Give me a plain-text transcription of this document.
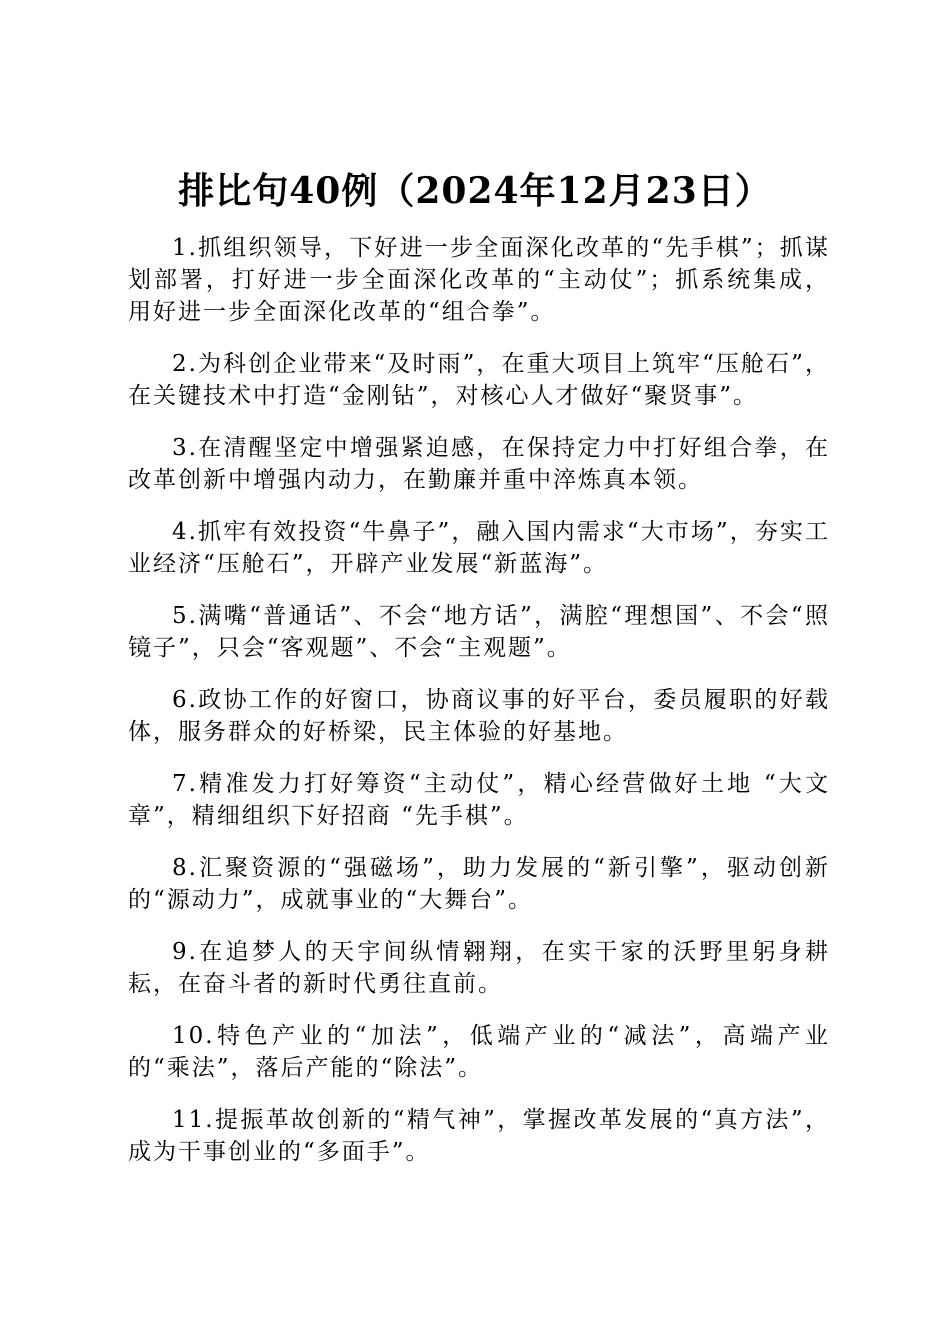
排比句40例（2024年12月23日）

1.抓组织领导，下好进一步全面深化改革的“先手棋”；抓谋划部署，打好进一步全面深化改革的“主动仗”；抓系统集成，用好进一步全面深化改革的“组合拳”。

2.为科创企业带来“及时雨”，在重大项目上筑牢“压舱石”，在关键技术中打造“金刚钻”，对核心人才做好“聚贤事”。

3.在清醒坚定中增强紧迫感，在保持定力中打好组合拳，在改革创新中增强内动力，在勤廉并重中淬炼真本领。

4.抓牢有效投资“牛鼻子”，融入国内需求“大市场”，夯实工业经济“压舱石”，开辟产业发展“新蓝海”。

5.满嘴“普通话”、不会“地方话”，满腔“理想国”、不会“照镜子”，只会“客观题”、不会“主观题”。

6.政协工作的好窗口，协商议事的好平台，委员履职的好载体，服务群众的好桥梁，民主体验的好基地。

7.精准发力打好筹资“主动仗”，精心经营做好土地 “大文章”，精细组织下好招商 “先手棋”。

8.汇聚资源的“强磁场”，助力发展的“新引擎”，驱动创新的“源动力”，成就事业的“大舞台”。

9.在追梦人的天宇间纵情翱翔，在实干家的沃野里躬身耕耘，在奋斗者的新时代勇往直前。

10.特色产业的“加法”，低端产业的“减法”，高端产业的“乘法”，落后产能的“除法”。

11.提振革故创新的“精气神”，掌握改革发展的“真方法”，成为干事创业的“多面手”。
